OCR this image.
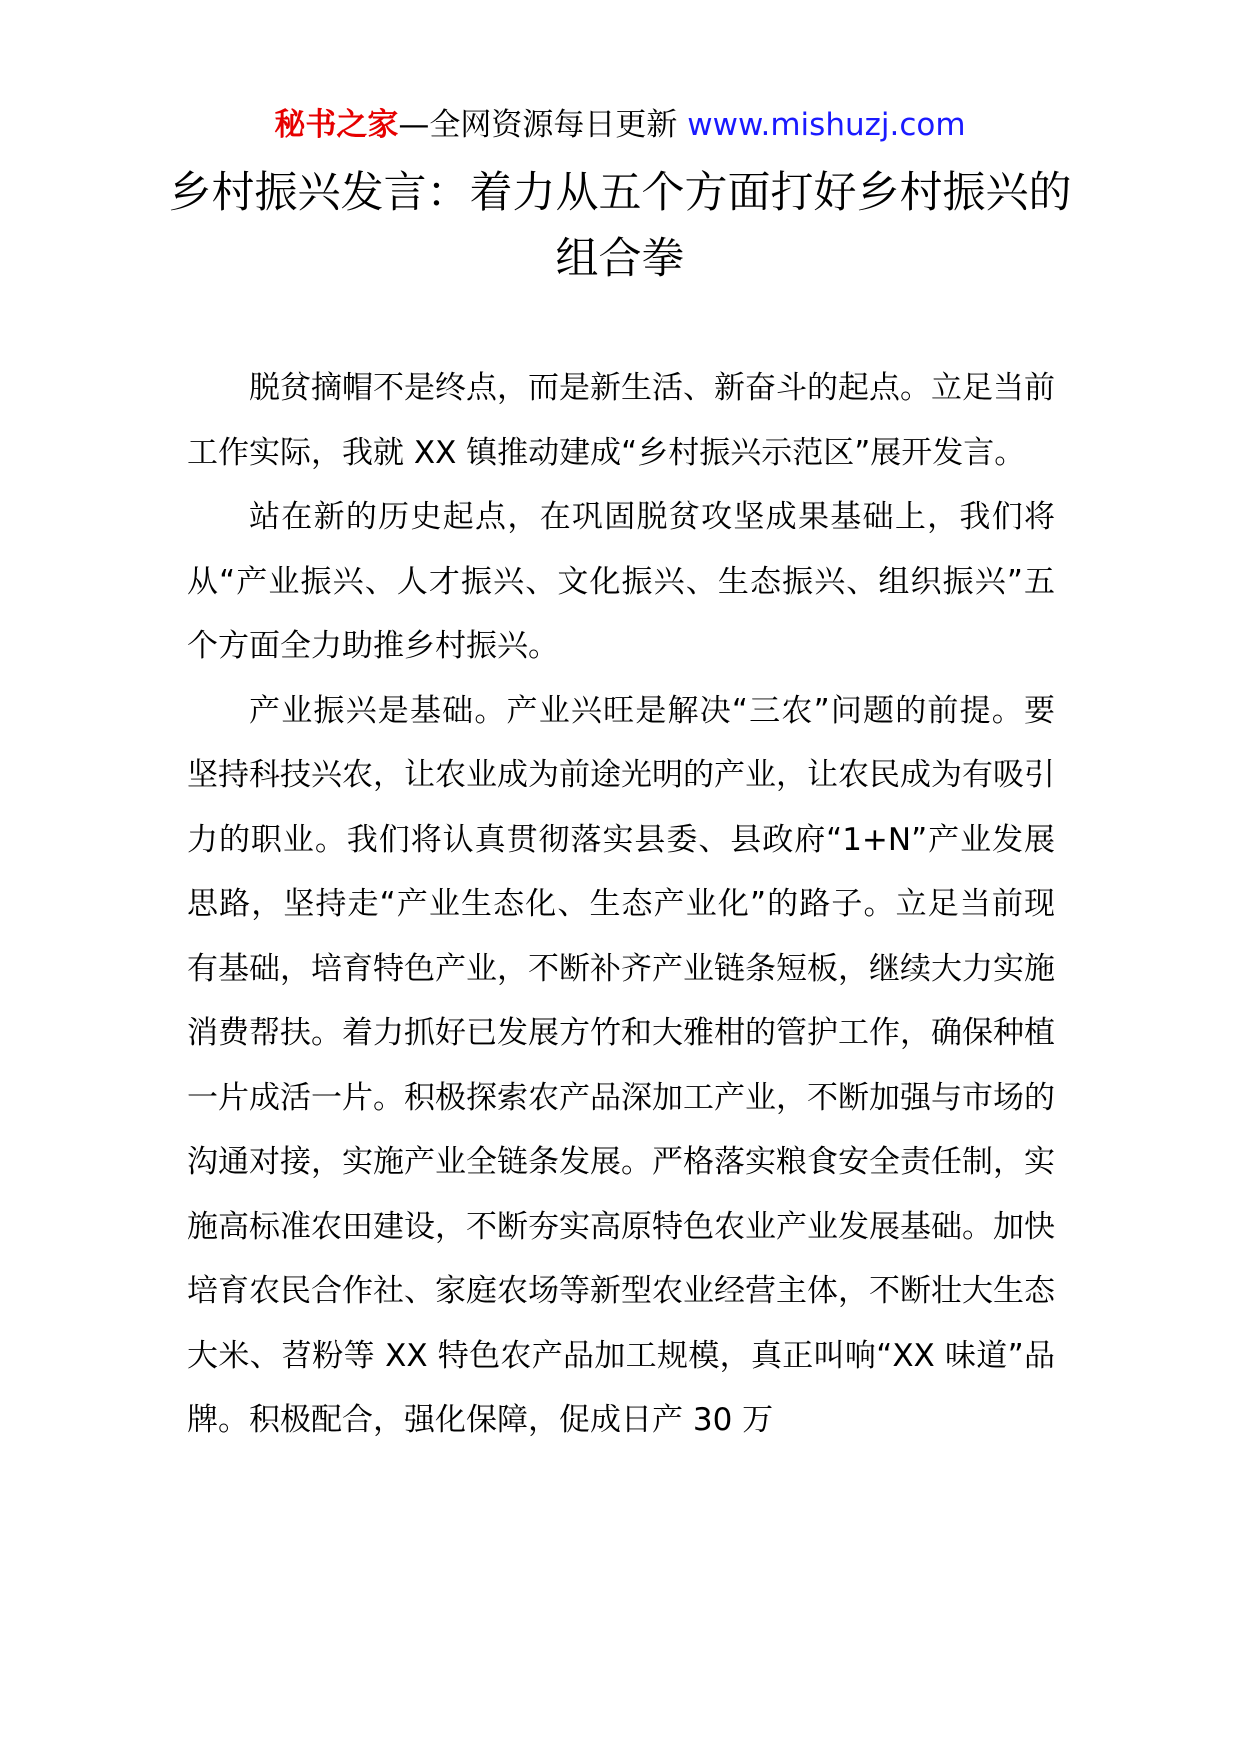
秘书之家—全网资源每日更新 www.mishuzj.com
乡村振兴发言：着力从五个方面打好乡村振兴的组合拳

脱贫摘帽不是终点，而是新生活、新奋斗的起点。立足当前工作实际，我就 XX 镇推动建成“乡村振兴示范区”展开发言。

站在新的历史起点，在巩固脱贫攻坚成果基础上，我们将从“产业振兴、人才振兴、文化振兴、生态振兴、组织振兴”五个方面全力助推乡村振兴。

产业振兴是基础。产业兴旺是解决“三农”问题的前提。要坚持科技兴农，让农业成为前途光明的产业，让农民成为有吸引力的职业。我们将认真贯彻落实县委、县政府“1+N”产业发展思路，坚持走“产业生态化、生态产业化”的路子。立足当前现有基础，培育特色产业，不断补齐产业链条短板，继续大力实施消费帮扶。着力抓好已发展方竹和大雅柑的管护工作，确保种植一片成活一片。积极探索农产品深加工产业，不断加强与市场的沟通对接，实施产业全链条发展。严格落实粮食安全责任制，实施高标准农田建设，不断夯实高原特色农业产业发展基础。加快培育农民合作社、家庭农场等新型农业经营主体，不断壮大生态大米、苕粉等 XX 特色农产品加工规模，真正叫响“XX 味道”品牌。积极配合，强化保障，促成日产 30 万
